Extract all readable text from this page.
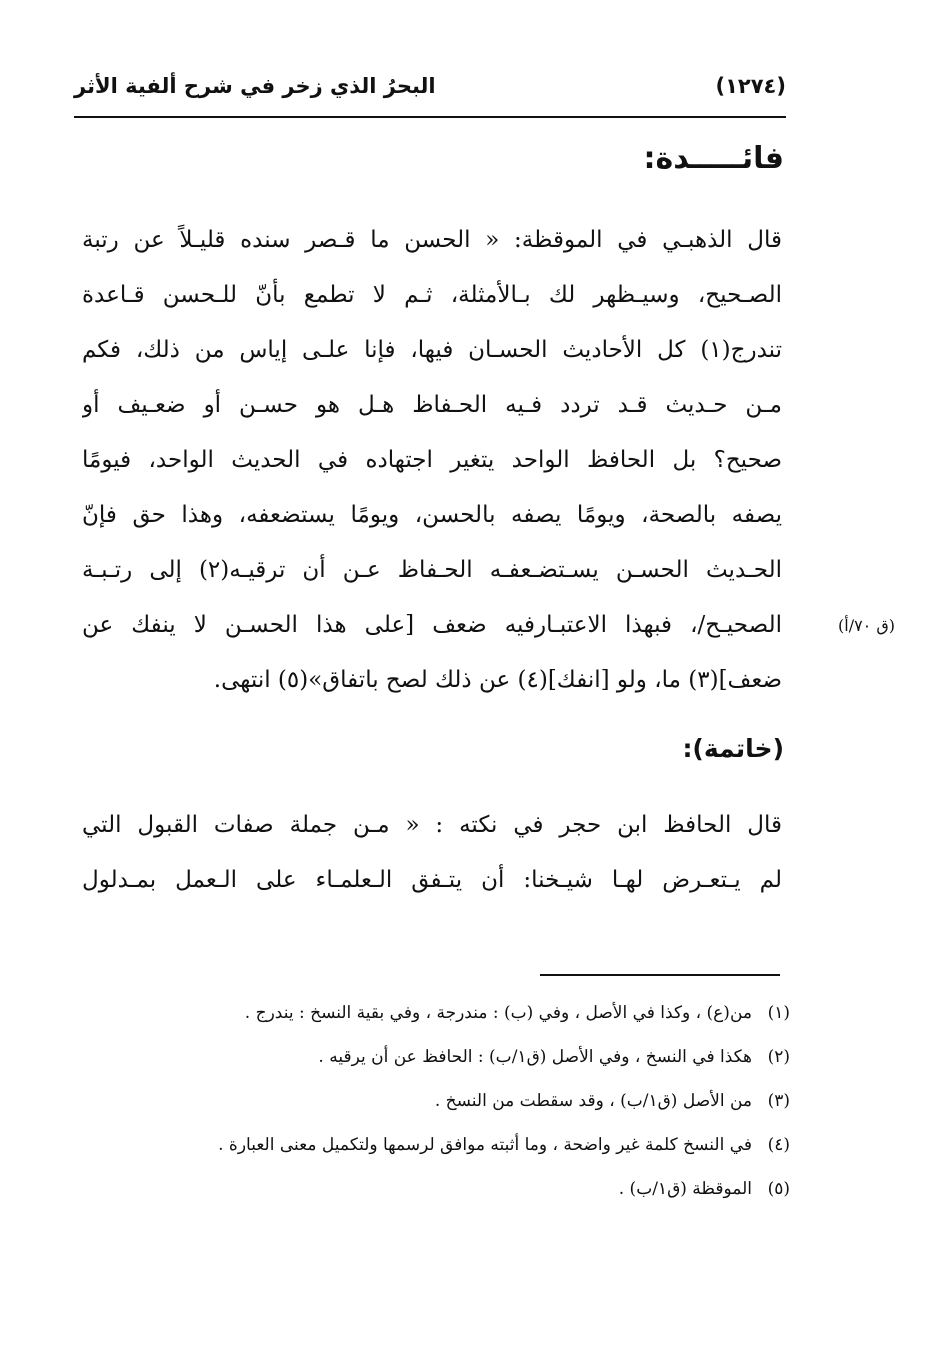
البحرُ الذي زخر في شرح ألفية الأثر	(١٢٧٤)
فائـــــدة:
قال الذهبـي في الموقظة: « الحسن ما قـصر سنده قليـلاً عن رتبة
الصـحيح، وسيـظهر لك بـالأمثلة، ثـم لا تطمع بأنّ للـحسن قـاعدة
تندرج(١) كل الأحاديث الحسـان فيها، فإنا علـى إياس من ذلك، فكم
مـن حـديث قـد تردد فـيه الحـفاظ هـل هو حسـن أو ضعـيف أو
صحيح؟ بل الحافظ الواحد يتغير اجتهاده في الحديث الواحد، فيومًا
يصفه بالصحة، ويومًا يصفه بالحسن، ويومًا يستضعفه، وهذا حق فإنّ
الحـديث الحسـن يسـتضـعفـه الحـفاظ عـن أن ترقيـه(٢) إلى رتـبـة
الصحيـح/، فبهذا الاعتبـارفيه ضعف [على هذا الحسـن لا ينفك عن
ضعف](٣) ما، ولو [انفك](٤) عن ذلك لصح باتفاق»(٥) انتهى.
(ق ٧٠/أ)
(خاتمة):
قال الحافظ ابن حجر في نكته : « مـن جملة صفات القبول التي
لم يـتعـرض لهـا شيـخنا: أن يتـفق الـعلمـاء على الـعمل بمـدلول
(١)من(ع) ، وكذا في الأصل ، وفي (ب) : مندرجة ، وفي بقية النسخ : يندرج .
(٢)هكذا في النسخ ، وفي الأصل (ق١/ب) : الحافظ عن أن يرقيه .
(٣)من الأصل (ق١/ب) ، وقد سقطت من النسخ .
(٤)في النسخ كلمة غير واضحة ، وما أثبته موافق لرسمها ولتكميل معنى العبارة .
(٥)الموقظة (ق١/ب) .
